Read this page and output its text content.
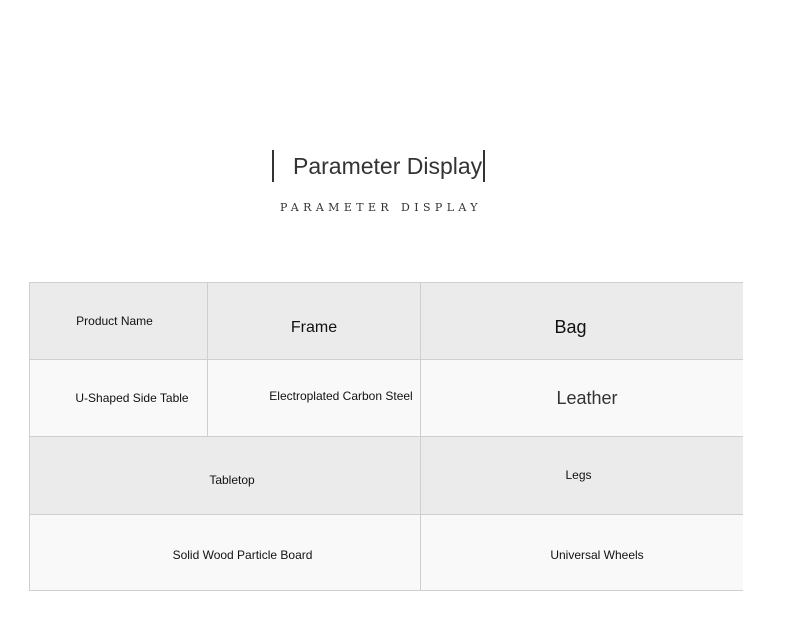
Parameter Display
PARAMETER DISPLAY
Product Name	Frame	Bag
U-Shaped Side Table	Electroplated Carbon Steel	Leather
Tabletop	Legs
Solid Wood Particle Board	Universal Wheels
